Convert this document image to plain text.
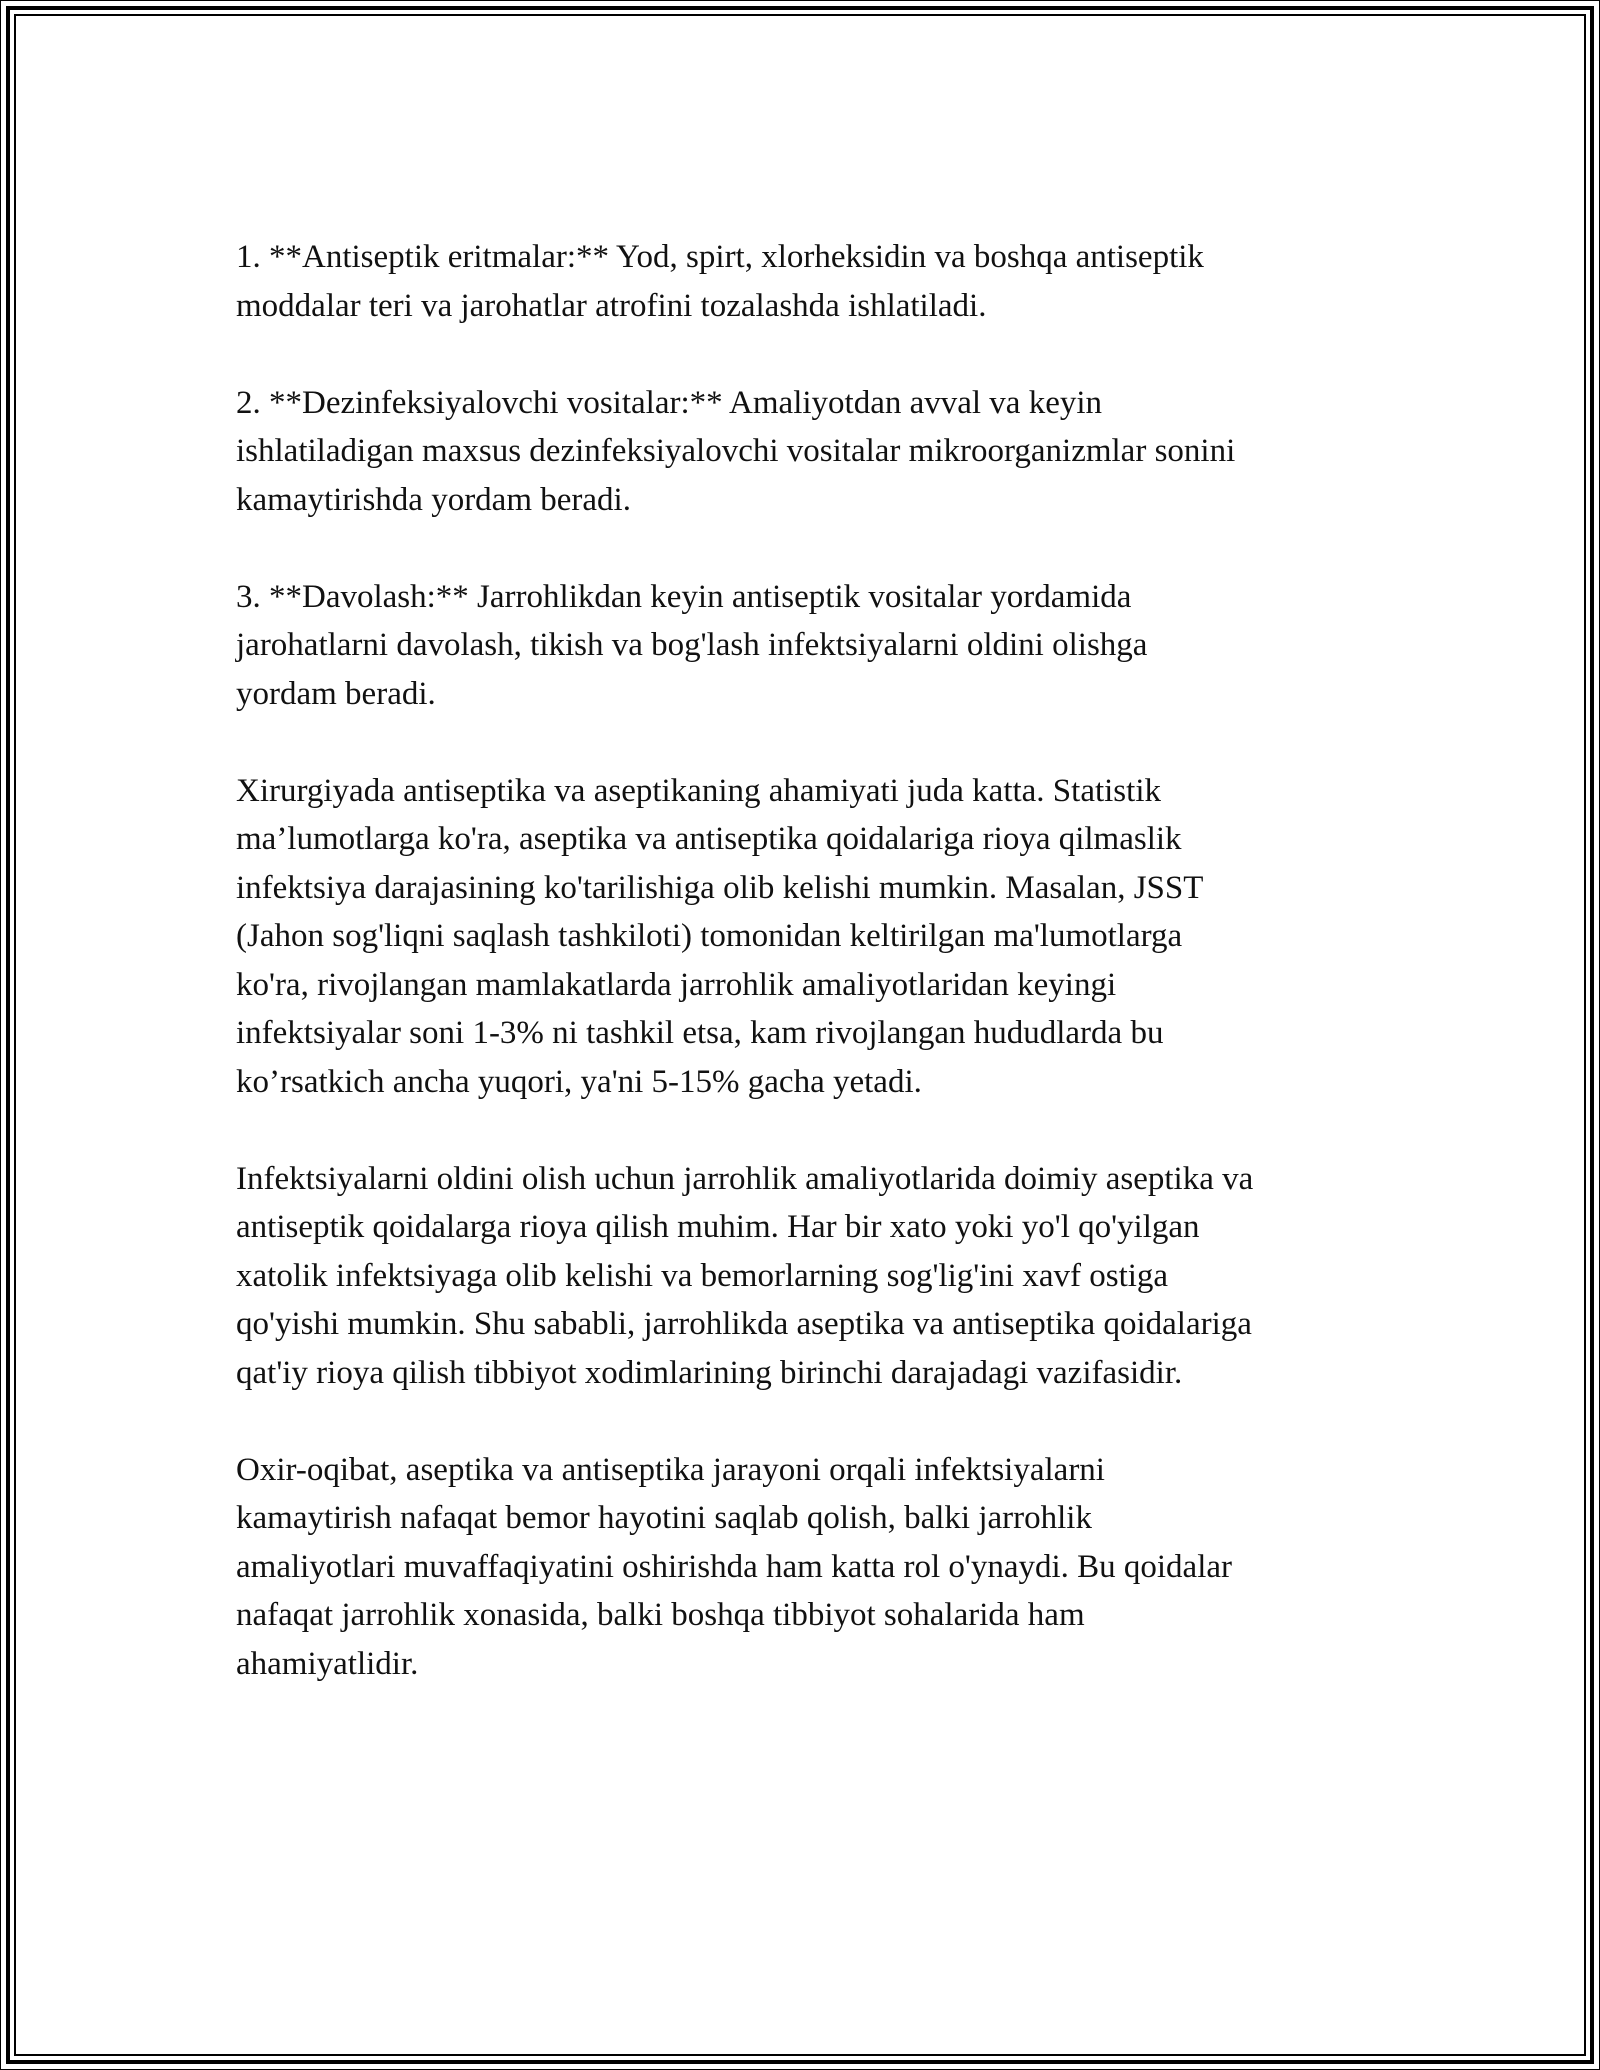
1. **Antiseptik eritmalar:** Yod, spirt, xlorheksidin va boshqa antiseptik
moddalar teri va jarohatlar atrofini tozalashda ishlatiladi.

2. **Dezinfeksiyalovchi vositalar:** Amaliyotdan avval va keyin
ishlatiladigan maxsus dezinfeksiyalovchi vositalar mikroorganizmlar sonini
kamaytirishda yordam beradi.

3. **Davolash:** Jarrohlikdan keyin antiseptik vositalar yordamida
jarohatlarni davolash, tikish va bog'lash infektsiyalarni oldini olishga
yordam beradi.

Xirurgiyada antiseptika va aseptikaning ahamiyati juda katta. Statistik
ma’lumotlarga ko'ra, aseptika va antiseptika qoidalariga rioya qilmaslik
infektsiya darajasining ko'tarilishiga olib kelishi mumkin. Masalan, JSST
(Jahon sog'liqni saqlash tashkiloti) tomonidan keltirilgan ma'lumotlarga
ko'ra, rivojlangan mamlakatlarda jarrohlik amaliyotlaridan keyingi
infektsiyalar soni 1-3% ni tashkil etsa, kam rivojlangan hududlarda bu
ko’rsatkich ancha yuqori, ya'ni 5-15% gacha yetadi.

Infektsiyalarni oldini olish uchun jarrohlik amaliyotlarida doimiy aseptika va
antiseptik qoidalarga rioya qilish muhim. Har bir xato yoki yo'l qo'yilgan
xatolik infektsiyaga olib kelishi va bemorlarning sog'lig'ini xavf ostiga
qo'yishi mumkin. Shu sababli, jarrohlikda aseptika va antiseptika qoidalariga
qat'iy rioya qilish tibbiyot xodimlarining birinchi darajadagi vazifasidir.

Oxir-oqibat, aseptika va antiseptika jarayoni orqali infektsiyalarni
kamaytirish nafaqat bemor hayotini saqlab qolish, balki jarrohlik
amaliyotlari muvaffaqiyatini oshirishda ham katta rol o'ynaydi. Bu qoidalar
nafaqat jarrohlik xonasida, balki boshqa tibbiyot sohalarida ham
ahamiyatlidir.
